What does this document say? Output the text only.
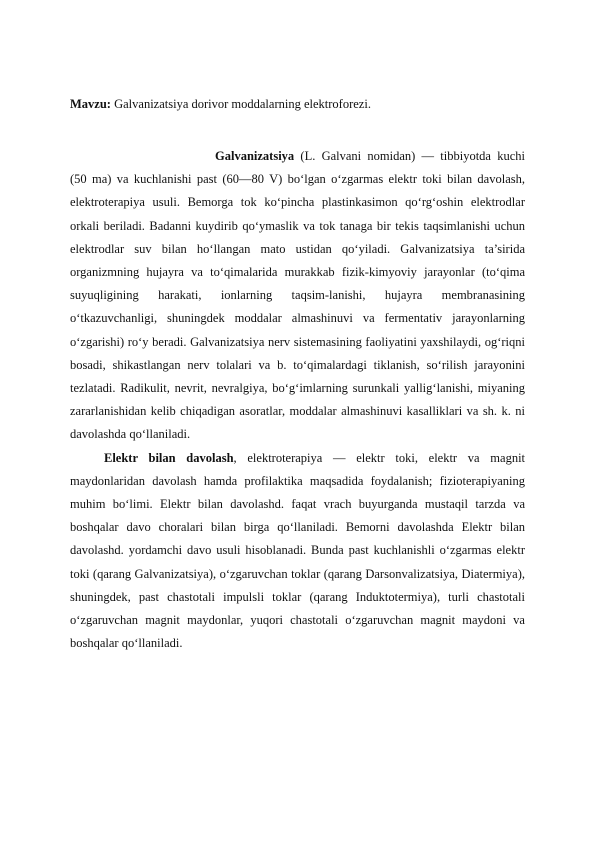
Mavzu: Galvanizatsiya dorivor moddalarning elektroforezi.

Galvanizatsiya (L. Galvani nomidan) — tibbiyotda kuchi (50 ma) va kuchlanishi past (60—80 V) bo‘lgan o‘zgarmas elektr toki bilan davolash, elektroterapiya usuli. Bemorga tok ko‘pincha plastinkasimon qo‘rg‘oshin elektrodlar orkali beriladi. Badanni kuydirib qo‘ymaslik va tok tanaga bir tekis taqsimlanishi uchun elektrodlar suv bilan ho‘llangan mato ustidan qo‘yiladi. Galvanizatsiya ta’sirida organizmning hujayra va to‘qimalarida murakkab fizik-kimyoviy jarayonlar (to‘qima suyuqligining harakati, ionlarning taqsim-lanishi, hujayra membranasining o‘tkazuvchanligi, shuningdek moddalar almashinuvi va fermentativ jarayonlarning o‘zgarishi) ro‘y beradi. Galvanizatsiya nerv sistemasining faoliyatini yaxshilaydi, og‘riqni bosadi, shikastlangan nerv tolalari va b. to‘qimalardagi tiklanish, so‘rilish jarayonini tezlatadi. Radikulit, nevrit, nevralgiya, bo‘g‘imlarning surunkali yallig‘lanishi, miyaning zararlanishidan kelib chiqadigan asoratlar, moddalar almashinuvi kasalliklari va sh. k. ni davolashda qo‘llaniladi.

Elektr bilan davolash, elektroterapiya — elektr toki, elektr va magnit maydonlaridan davolash hamda profilaktika maqsadida foydalanish; fizioterapiyaning muhim bo‘limi. Elektr bilan davolashd. faqat vrach buyurganda mustaqil tarzda va boshqalar davo choralari bilan birga qo‘llaniladi. Bemorni davolashda Elektr bilan davolashd. yordamchi davo usuli hisoblanadi. Bunda past kuchlanishli o‘zgarmas elektr toki (qarang Galvanizatsiya), o‘zgaruvchan toklar (qarang Darsonvalizatsiya, Diatermiya), shuningdek, past chastotali impulsli toklar (qarang Induktotermiya), turli chastotali o‘zgaruvchan magnit maydonlar, yuqori chastotali o‘zgaruvchan magnit maydoni va boshqalar qo‘llaniladi.
